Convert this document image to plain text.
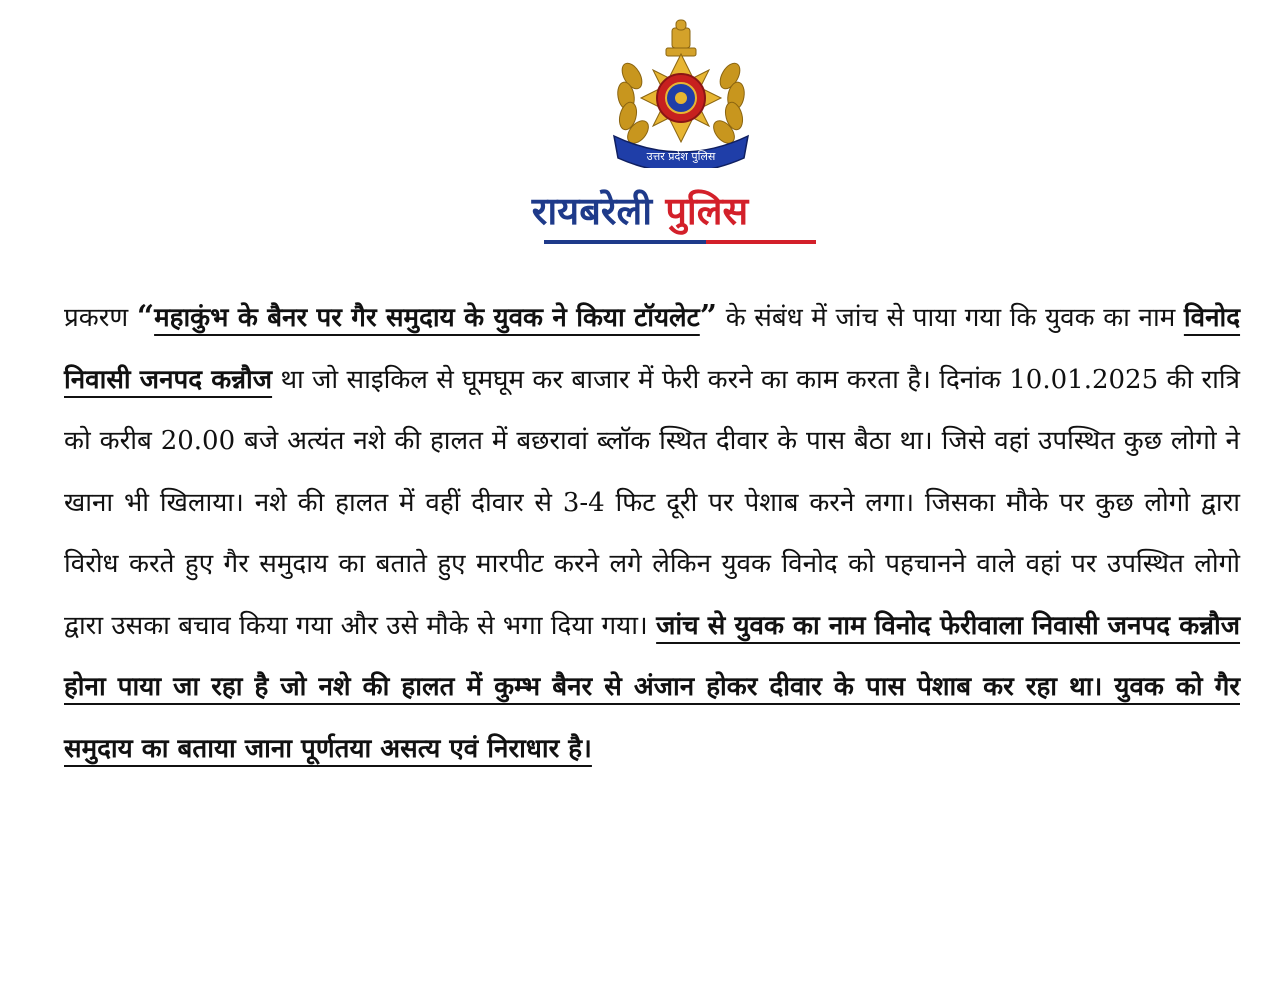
उत्तर प्रदेश पुलिस
रायबरेली पुलिस
प्रकरण “महाकुंभ के बैनर पर गैर समुदाय के युवक ने किया टॉयलेट” के संबंध में जांच से पाया गया कि युवक का नाम विनोद निवासी जनपद कन्नौज था जो साइकिल से घूमघूम कर बाजार में फेरी करने का काम करता है। दिनांक 10.01.2025 की रात्रि को करीब 20.00 बजे अत्यंत नशे की हालत में बछरावां ब्लॉक स्थित दीवार के पास बैठा था। जिसे वहां उपस्थित कुछ लोगो ने खाना भी खिलाया। नशे की हालत में वहीं दीवार से 3-4 फिट दूरी पर पेशाब करने लगा। जिसका मौके पर कुछ लोगो द्वारा विरोध करते हुए गैर समुदाय का बताते हुए मारपीट करने लगे लेकिन युवक विनोद को पहचानने वाले वहां पर उपस्थित लोगो द्वारा उसका बचाव किया गया और उसे मौके से भगा दिया गया। जांच से युवक का नाम विनोद फेरीवाला निवासी जनपद कन्नौज होना पाया जा रहा है जो नशे की हालत में कुम्भ बैनर से अंजान होकर दीवार के पास पेशाब कर रहा था। युवक को गैर समुदाय का बताया जाना पूर्णतया असत्य एवं निराधार है।
